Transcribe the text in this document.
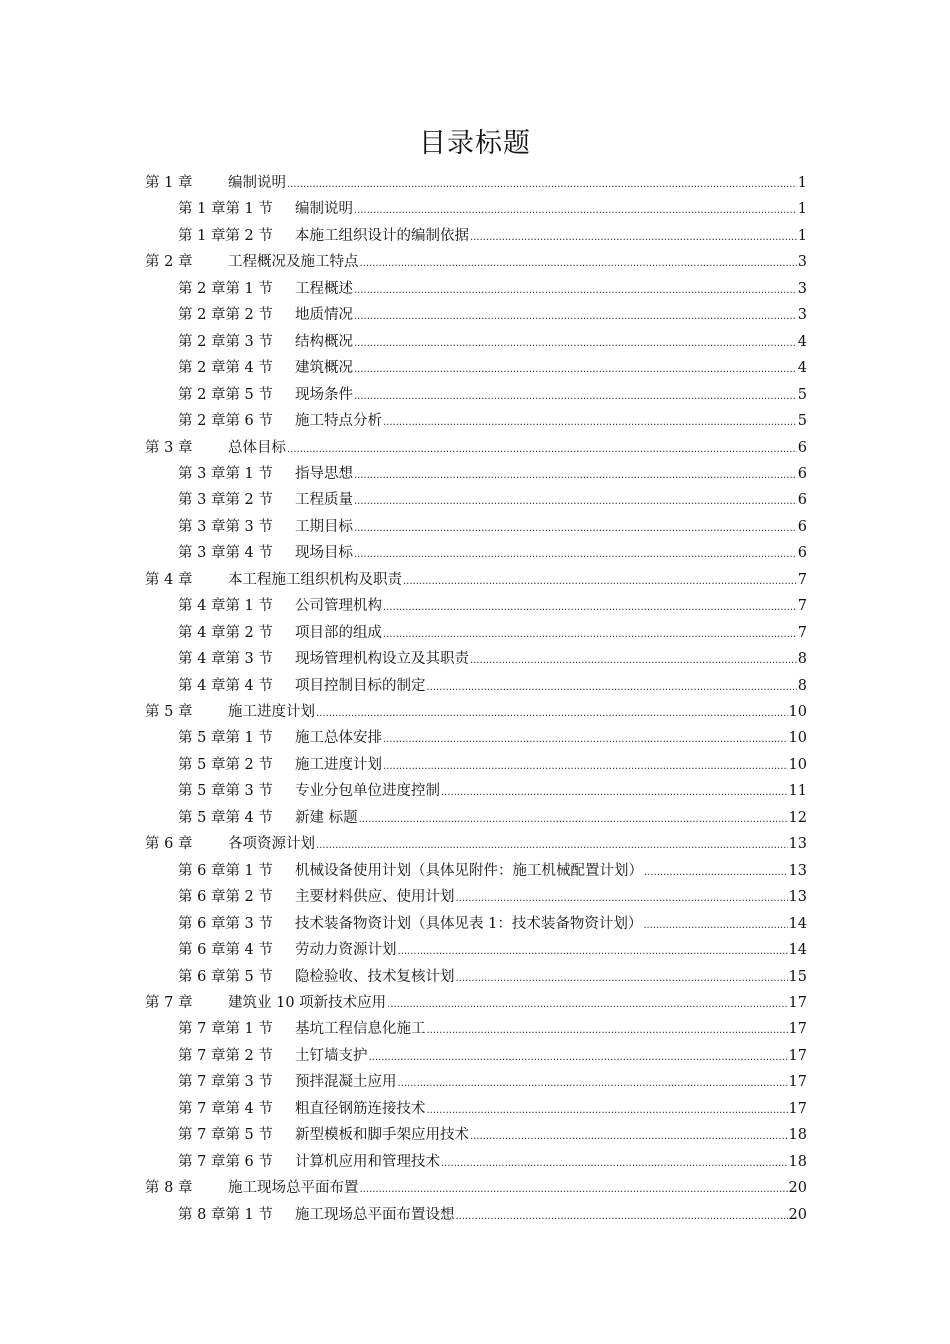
目录标题
第 1 章	编制说明 .....	1
第 1 章第 1 节	编制说明 .....	1
第 1 章第 2 节	本施工组织设计的编制依据 .....	1
第 2 章	工程概况及施工特点 .....	3
第 2 章第 1 节	工程概述 .....	3
第 2 章第 2 节	地质情况 .....	3
第 2 章第 3 节	结构概况 .....	4
第 2 章第 4 节	建筑概况 .....	4
第 2 章第 5 节	现场条件 .....	5
第 2 章第 6 节	施工特点分析 .....	5
第 3 章	总体目标 .....	6
第 3 章第 1 节	指导思想 .....	6
第 3 章第 2 节	工程质量 .....	6
第 3 章第 3 节	工期目标 .....	6
第 3 章第 4 节	现场目标 .....	6
第 4 章	本工程施工组织机构及职责 .....	7
第 4 章第 1 节	公司管理机构 .....	7
第 4 章第 2 节	项目部的组成 .....	7
第 4 章第 3 节	现场管理机构设立及其职责 .....	8
第 4 章第 4 节	项目控制目标的制定 .....	8
第 5 章	施工进度计划 .....	10
第 5 章第 1 节	施工总体安排 .....	10
第 5 章第 2 节	施工进度计划 .....	10
第 5 章第 3 节	专业分包单位进度控制 .....	11
第 5 章第 4 节	新建 标题 .....	12
第 6 章	各项资源计划 .....	13
第 6 章第 1 节	机械设备使用计划（具体见附件：施工机械配置计划） .....	13
第 6 章第 2 节	主要材料供应、使用计划 .....	13
第 6 章第 3 节	技术装备物资计划（具体见表 1：技术装备物资计划） .....	14
第 6 章第 4 节	劳动力资源计划 .....	14
第 6 章第 5 节	隐检验收、技术复核计划 .....	15
第 7 章	建筑业 10 项新技术应用 .....	17
第 7 章第 1 节	基坑工程信息化施工 .....	17
第 7 章第 2 节	土钉墙支护 .....	17
第 7 章第 3 节	预拌混凝土应用 .....	17
第 7 章第 4 节	粗直径钢筋连接技术 .....	17
第 7 章第 5 节	新型模板和脚手架应用技术 .....	18
第 7 章第 6 节	计算机应用和管理技术 .....	18
第 8 章	施工现场总平面布置 .....	20
第 8 章第 1 节	施工现场总平面布置设想 .....	20
